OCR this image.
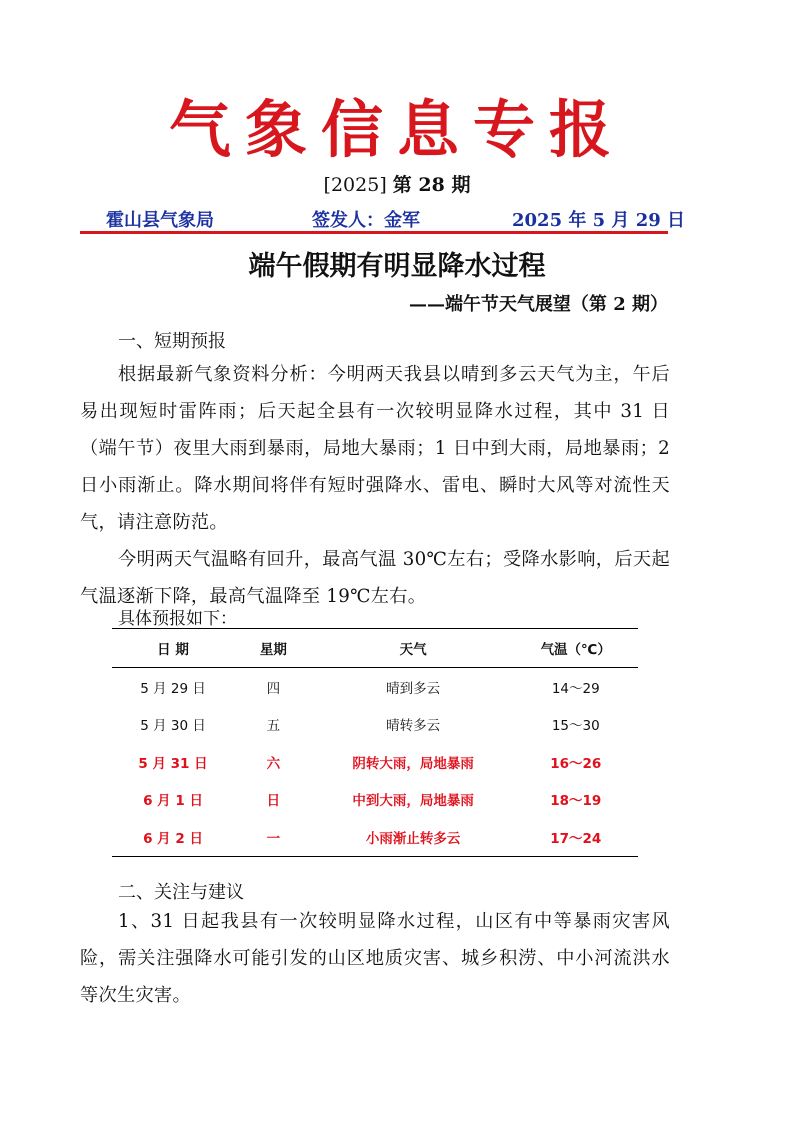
气象信息专报
[2025] 第 28 期
霍山县气象局	签发人：金军	2025 年 5 月 29 日
端午假期有明显降水过程
——端午节天气展望（第 2 期）
一、短期预报
根据最新气象资料分析：今明两天我县以晴到多云天气为主，午后易出现短时雷阵雨；后天起全县有一次较明显降水过程，其中 31 日（端午节）夜里大雨到暴雨，局地大暴雨；1 日中到大雨，局地暴雨；2 日小雨渐止。降水期间将伴有短时强降水、雷电、瞬时大风等对流性天气，请注意防范。
今明两天气温略有回升，最高气温 30℃左右；受降水影响，后天起气温逐渐下降，最高气温降至 19℃左右。
具体预报如下：
日 期	星期	天气	气温（℃）
5 月 29 日	四	晴到多云	14～29
5 月 30 日	五	晴转多云	15～30
5 月 31 日	六	阴转大雨，局地暴雨	16～26
6 月 1 日	日	中到大雨，局地暴雨	18～19
6 月 2 日	一	小雨渐止转多云	17～24
二、关注与建议
1、31 日起我县有一次较明显降水过程，山区有中等暴雨灾害风险，需关注强降水可能引发的山区地质灾害、城乡积涝、中小河流洪水等次生灾害。
